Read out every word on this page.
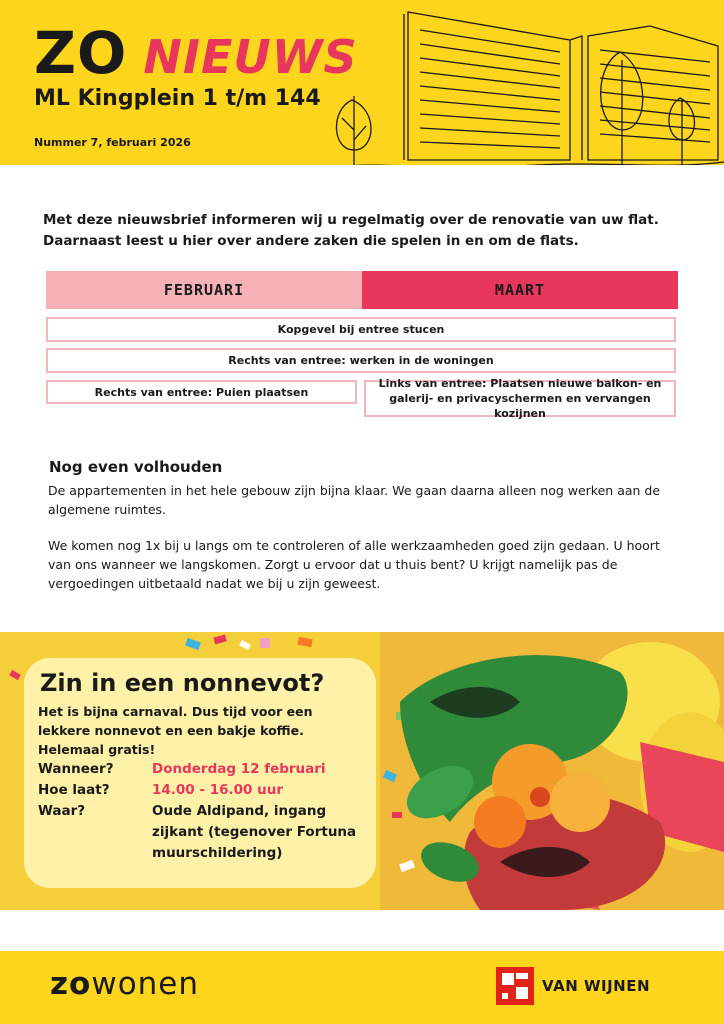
ZO NIEUWS
ML Kingplein 1 t/m 144
Nummer 7, februari 2026
Met deze nieuwsbrief informeren wij u regelmatig over de renovatie van uw flat. Daarnaast leest u hier over andere zaken die spelen in en om de flats.
FEBRUARI	MAART
Kopgevel bij entree stucen
Rechts van entree: werken in de woningen
Rechts van entree: Puien plaatsen
Links van entree: Plaatsen nieuwe balkon- en galerij- en privacyschermen en vervangen kozijnen
Nog even volhouden
De appartementen in het hele gebouw zijn bijna klaar. We gaan daarna alleen nog werken aan de algemene ruimtes.
We komen nog 1x bij u langs om te controleren of alle werkzaamheden goed zijn gedaan. U hoort van ons wanneer we langskomen. Zorgt u ervoor dat u thuis bent? U krijgt namelijk pas de vergoedingen uitbetaald nadat we bij u zijn geweest.
Zin in een nonnevot?
Het is bijna carnaval. Dus tijd voor een lekkere nonnevot en een bakje koffie. Helemaal gratis!
Wanneer?	Donderdag 12 februari
Hoe laat?	14.00 - 16.00 uur
Waar?	Oude Aldipand, ingang zijkant (tegenover Fortuna muurschildering)
zowonen	VAN WIJNEN
